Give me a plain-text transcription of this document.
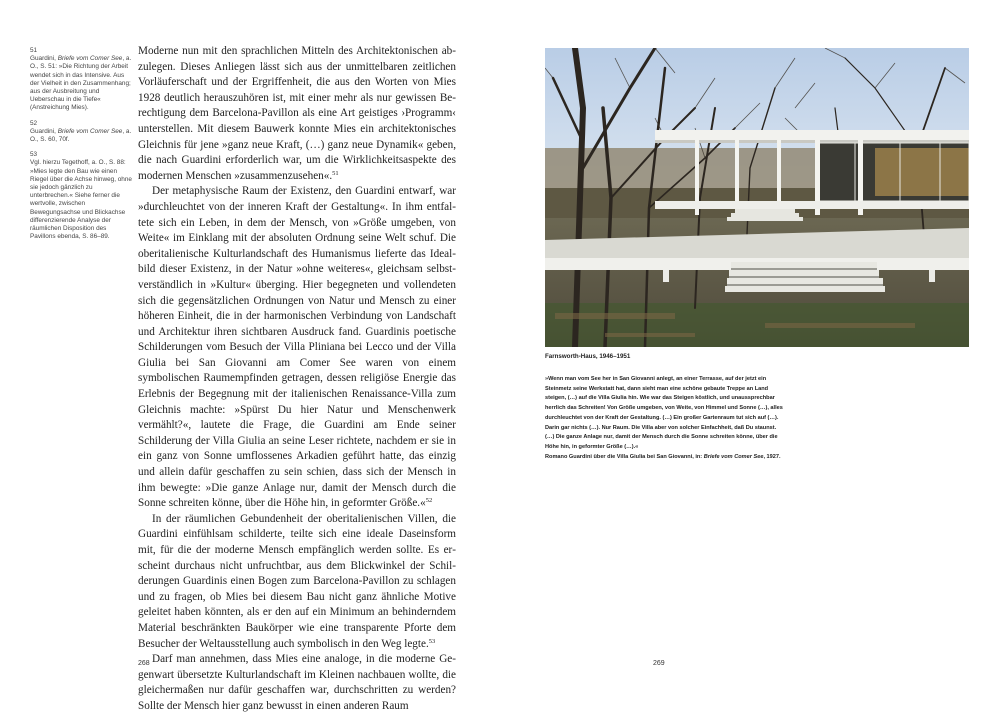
51
Guardini, Briefe vom Comer See, a. O., S. 51: »Die Richtung der Arbeit wendet sich in das Intensive. Aus der Vielheit in den Zusammenhang; aus der Ausbreitung und Ueberschau in die Tiefe« (Anstreichung Mies).
52
Guardini, Briefe vom Comer See, a. O., S. 60, 70f.
53
Vgl. hierzu Tegethoff, a. O., S. 88: »Mies legte den Bau wie einen Riegel über die Achse hinweg, ohne sie jedoch gänzlich zu unterbrechen.« Siehe ferner die wertvolle, zwischen Bewegungsachse und Blickachse differenzierende Analyse der räumlichen Disposition des Pavillons ebenda, S. 86–89.

Moderne nun mit den sprachlichen Mitteln des Architektonischen abzulegen. Dieses Anliegen lässt sich aus der unmittelbaren zeitlichen Vorläuferschaft und der Ergriffenheit, die aus den Worten von Mies 1928 deutlich herauszuhören ist, mit einer mehr als nur gewissen Berechtigung dem Barcelona-Pavillon als eine Art geistiges ›Programm‹ unterstellen. Mit diesem Bauwerk konnte Mies ein architektonisches Gleichnis für jene »ganz neue Kraft, (…) ganz neue Dynamik« geben, die nach Guardini erforderlich war, um die Wirklichkeitsaspekte des modernen Menschen »zusammenzusehen«.$^{51}$

Der metaphysische Raum der Existenz, den Guardini entwarf, war »durchleuchtet von der inneren Kraft der Gestaltung«. In ihm entfaltete sich ein Leben, in dem der Mensch, von »Größe umgeben, von Weite« im Einklang mit der absoluten Ordnung seine Welt schuf. Die oberitalienische Kulturlandschaft des Humanismus lieferte das Idealbild dieser Existenz, in der Natur »ohne weiteres«, gleichsam selbstverständlich in »Kultur« überging. Hier begegneten und vollendeten sich die gegensätzlichen Ordnungen von Natur und Mensch zu einer höheren Einheit, die in der harmonischen Verbindung von Landschaft und Architektur ihren sichtbaren Ausdruck fand. Guardinis poetische Schilderungen vom Besuch der Villa Pliniana bei Lecco und der Villa Giulia bei San Giovanni am Comer See waren von einem symbolischen Raumempfinden getragen, dessen religiöse Energie das Erlebnis der Begegnung mit der italienischen Renaissance-Villa zum Gleichnis machte: »Spürst Du hier Natur und Menschenwerk vermählt?«, lautete die Frage, die Guardini am Ende seiner Schilderung der Villa Giulia an seine Leser richtete, nachdem er sie in ein ganz von Sonne umflossenes Arkadien geführt hatte, das einzig und allein dafür geschaffen zu sein schien, dass sich der Mensch in ihm bewegte: »Die ganze Anlage nur, damit der Mensch durch die Sonne schreiten könne, über die Höhe hin, in geformter Größe.«$^{52}$

In der räumlichen Gebundenheit der oberitalienischen Villen, die Guardini einfühlsam schilderte, teilte sich eine ideale Daseinsform mit, für die der moderne Mensch empfänglich werden sollte. Es erscheint durchaus nicht unfruchtbar, aus dem Blickwinkel der Schilderungen Guardinis einen Bogen zum Barcelona-Pavillon zu schlagen und zu fragen, ob Mies bei diesem Bau nicht ganz ähnliche Motive geleitet haben könnten, als er den auf ein Minimum an behinderndem Material beschränkten Baukörper wie eine transparente Pforte dem Besucher der Weltausstellung auch symbolisch in den Weg legte.$^{53}$

Darf man annehmen, dass Mies eine analoge, in die moderne Gegenwart übersetzte Kulturlandschaft im Kleinen nachbauen wollte, die gleichermaßen nur dafür geschaffen war, durchschritten zu werden? Sollte der Mensch hier ganz bewusst in einen anderen Raum

268
Farnsworth-Haus, 1946–1951
»Wenn man vom See her in San Giovanni anlegt, an einer Terrasse, auf der jetzt ein Steinmetz seine Werkstatt hat, dann sieht man eine schöne gebaute Treppe an Land steigen, (…) auf die Villa Giulia hin. Wie war das Steigen köstlich, und unaussprechbar herrlich das Schreiten! Von Größe umgeben, von Weite, von Himmel und Sonne (…), alles durchleuchtet von der Kraft der Gestaltung. (…) Ein großer Gartenraum tut sich auf (…). Darin gar nichts (…). Nur Raum. Die Villa aber von solcher Einfachheit, daß Du staunst. (…) Die ganze Anlage nur, damit der Mensch durch die Sonne schreiten könne, über die Höhe hin, in geformter Größe (…).«
Romano Guardini über die Villa Giulia bei San Giovanni, in: Briefe vom Comer See, 1927.
269
